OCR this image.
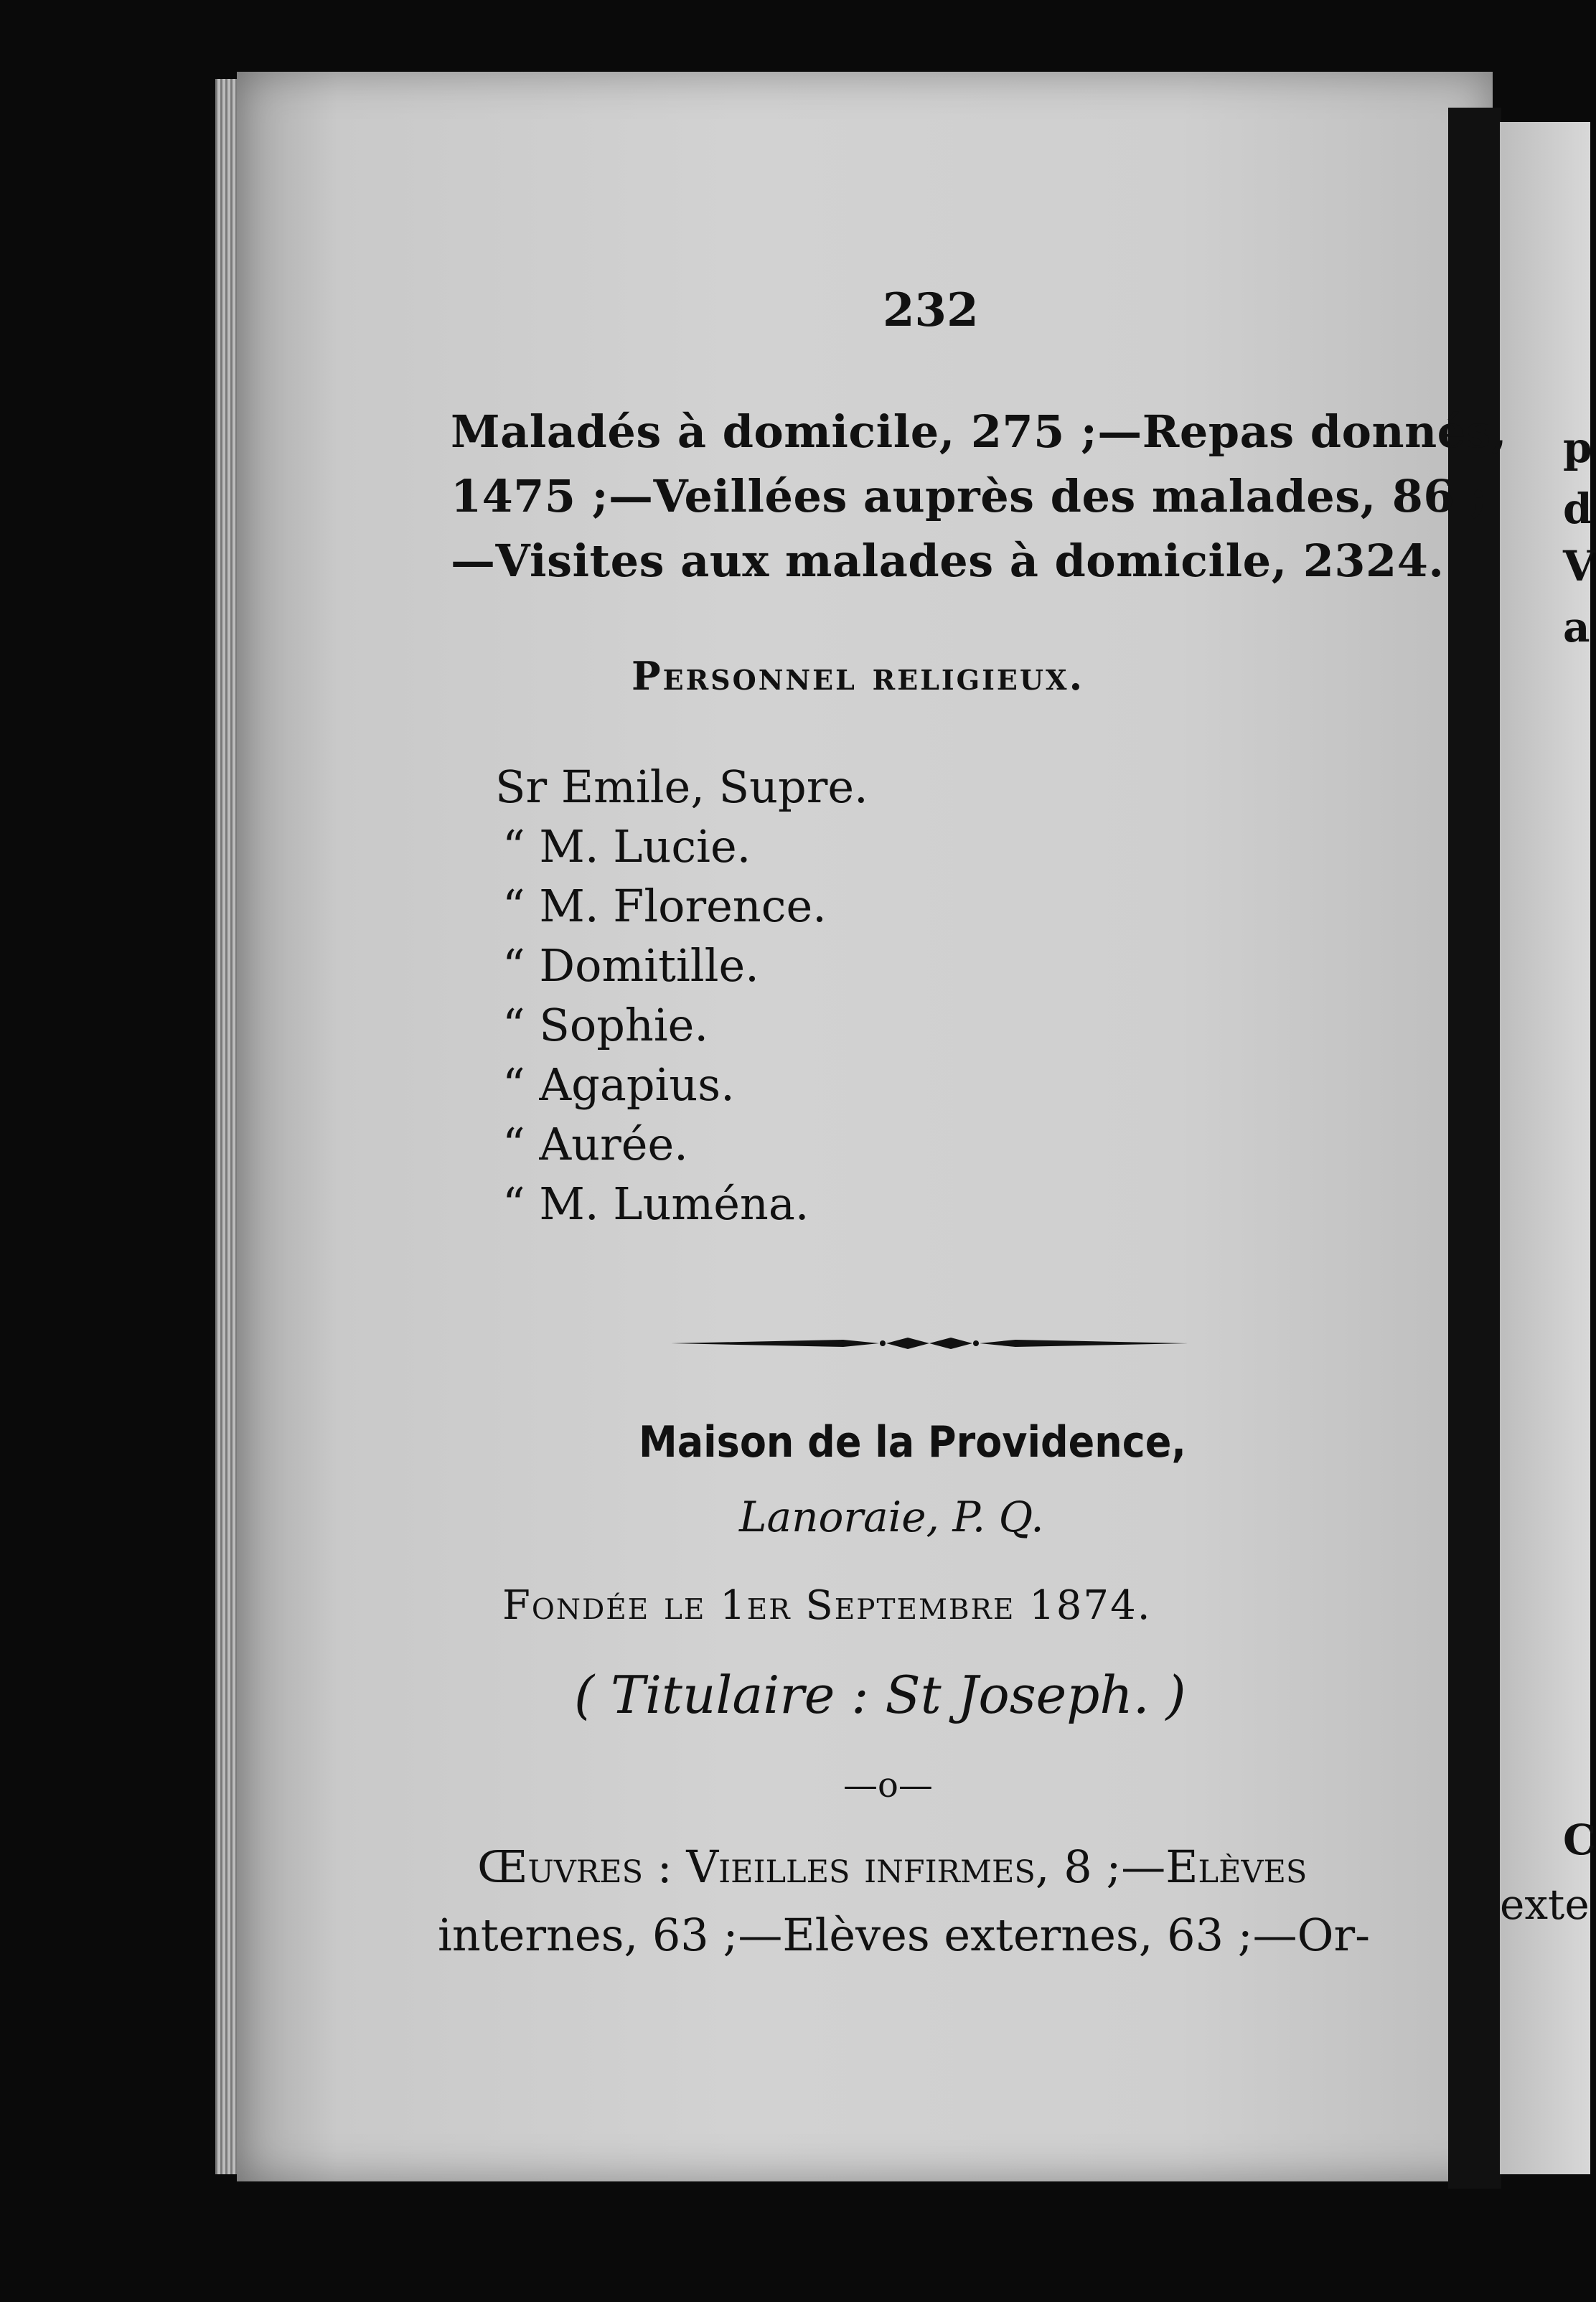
p
d
V
a
C
exte
232
Maladés à domicile, 275 ;—Repas donnés,
1475 ;—Veillées auprès des malades, 86 ;
—Visites aux malades à domicile, 2324.
Personnel religieux.
Sr Emile, Supre.
“ M. Lucie.
“ M. Florence.
“ Domitille.
“ Sophie.
“ Agapius.
“ Aurée.
“ M. Luména.
Maison de la Providence,
Lanoraie, P. Q.
Fondée le 1er Septembre 1874.
( Titulaire : St Joseph. )
—o—
Œuvres : Vieilles infirmes, 8 ;—Elèves
internes, 63 ;—Elèves externes, 63 ;—Or-
